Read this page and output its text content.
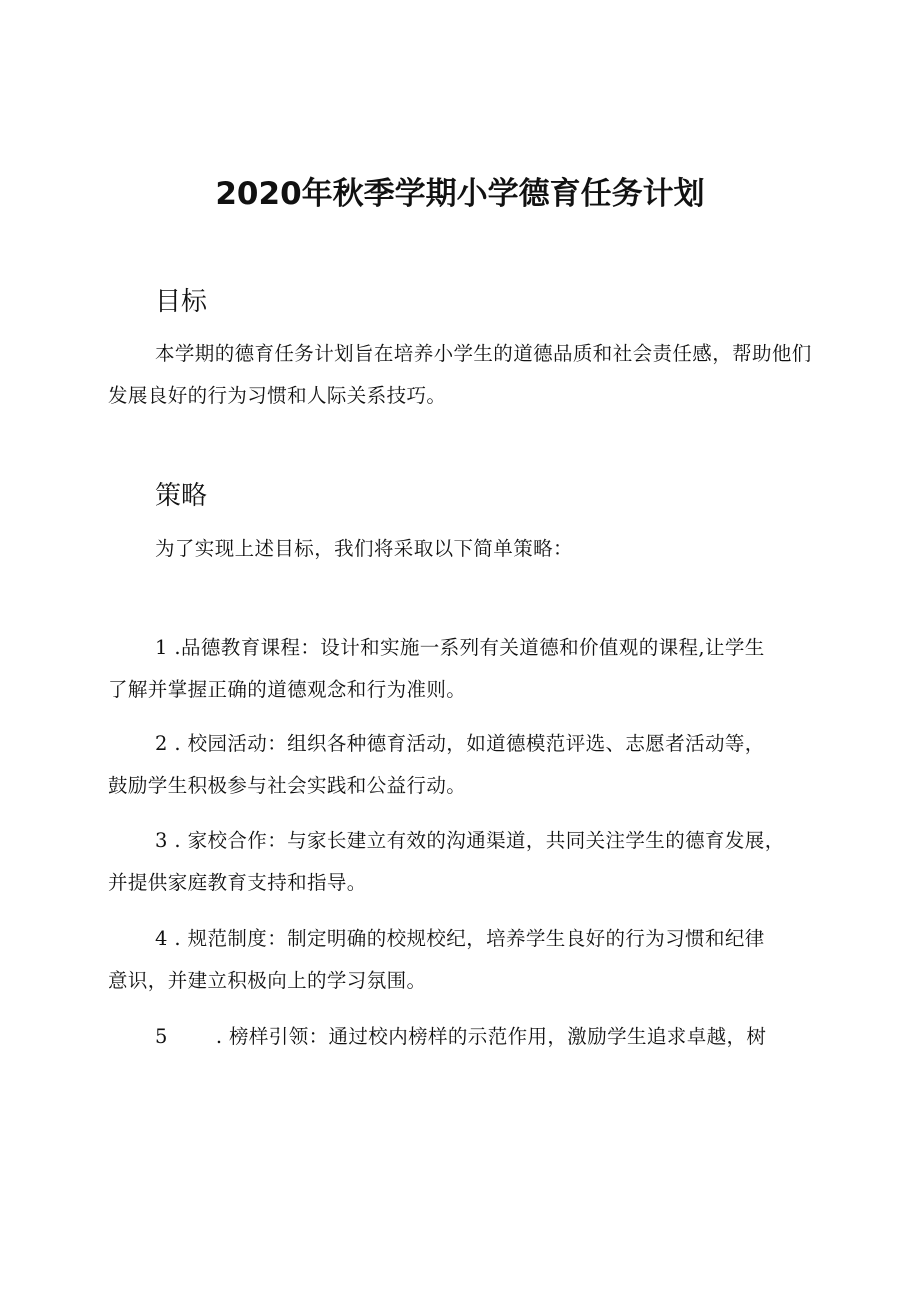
2020年秋季学期小学德育任务计划
目标
本学期的德育任务计划旨在培养小学生的道德品质和社会责任感，帮助他们发展良好的行为习惯和人际关系技巧。
策略
为了实现上述目标，我们将采取以下简单策略：
1 .品德教育课程：设计和实施一系列有关道德和价值观的课程,让学生
了解并掌握正确的道德观念和行为准则。
2 . 校园活动：组织各种德育活动，如道德模范评选、志愿者活动等，
鼓励学生积极参与社会实践和公益行动。
3 . 家校合作：与家长建立有效的沟通渠道，共同关注学生的德育发展，
并提供家庭教育支持和指导。
4 . 规范制度：制定明确的校规校纪，培养学生良好的行为习惯和纪律
意识，并建立积极向上的学习氛围。
5 . 榜样引领：通过校内榜样的示范作用，激励学生追求卓越，树
